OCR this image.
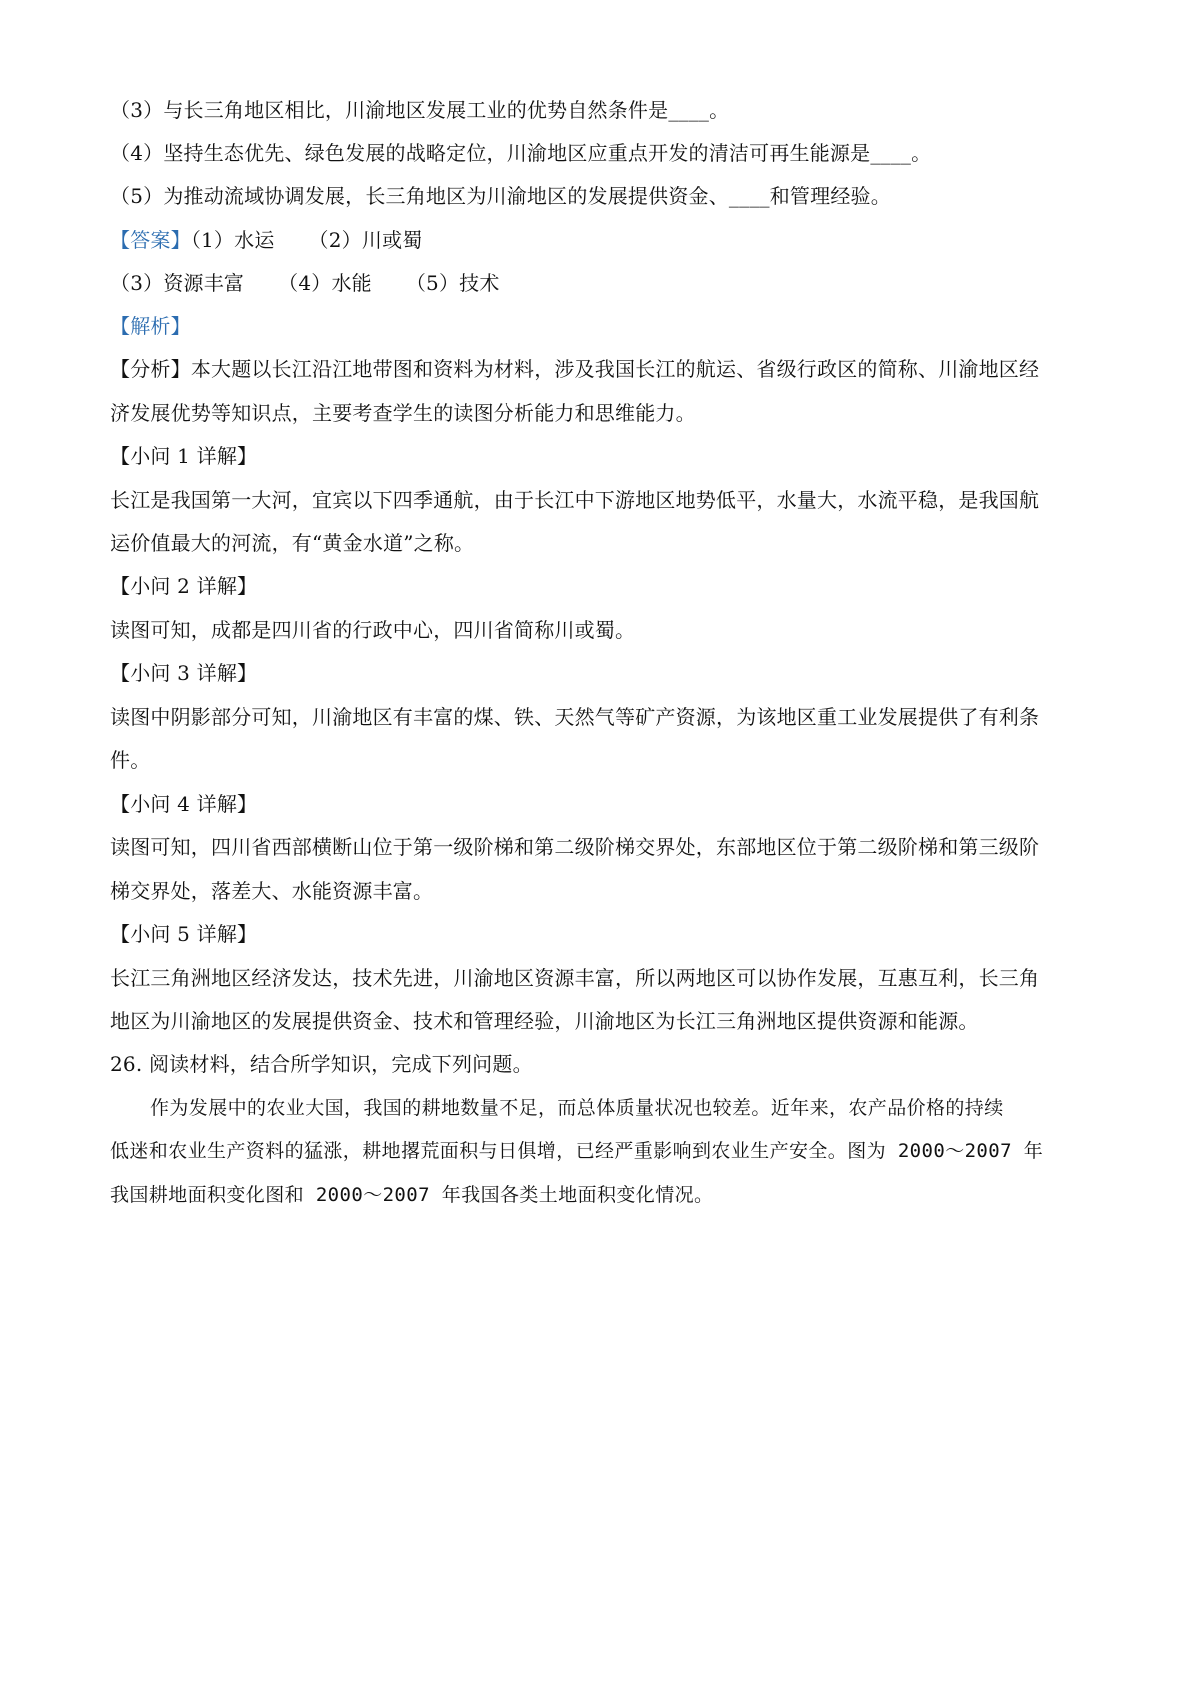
（3）与长三角地区相比，川渝地区发展工业的优势自然条件是____。
（4）坚持生态优先、绿色发展的战略定位，川渝地区应重点开发的清洁可再生能源是____。
（5）为推动流域协调发展，长三角地区为川渝地区的发展提供资金、____和管理经验。
【答案】（1）水运 （2）川或蜀
（3）资源丰富 （4）水能 （5）技术
【解析】
【分析】本大题以长江沿江地带图和资料为材料，涉及我国长江的航运、省级行政区的简称、川渝地区经
济发展优势等知识点，主要考查学生的读图分析能力和思维能力。
【小问 1 详解】
长江是我国第一大河，宜宾以下四季通航，由于长江中下游地区地势低平，水量大，水流平稳，是我国航
运价值最大的河流，有“黄金水道”之称。
【小问 2 详解】
读图可知，成都是四川省的行政中心，四川省简称川或蜀。
【小问 3 详解】
读图中阴影部分可知，川渝地区有丰富的煤、铁、天然气等矿产资源，为该地区重工业发展提供了有利条
件。
【小问 4 详解】
读图可知，四川省西部横断山位于第一级阶梯和第二级阶梯交界处，东部地区位于第二级阶梯和第三级阶
梯交界处，落差大、水能资源丰富。
【小问 5 详解】
长江三角洲地区经济发达，技术先进，川渝地区资源丰富，所以两地区可以协作发展，互惠互利，长三角
地区为川渝地区的发展提供资金、技术和管理经验，川渝地区为长江三角洲地区提供资源和能源。
26. 阅读材料，结合所学知识，完成下列问题。
作为发展中的农业大国，我国的耕地数量不足，而总体质量状况也较差。近年来，农产品价格的持续
低迷和农业生产资料的猛涨，耕地撂荒面积与日俱增，已经严重影响到农业生产安全。图为 2000～2007 年
我国耕地面积变化图和 2000～2007 年我国各类土地面积变化情况。
